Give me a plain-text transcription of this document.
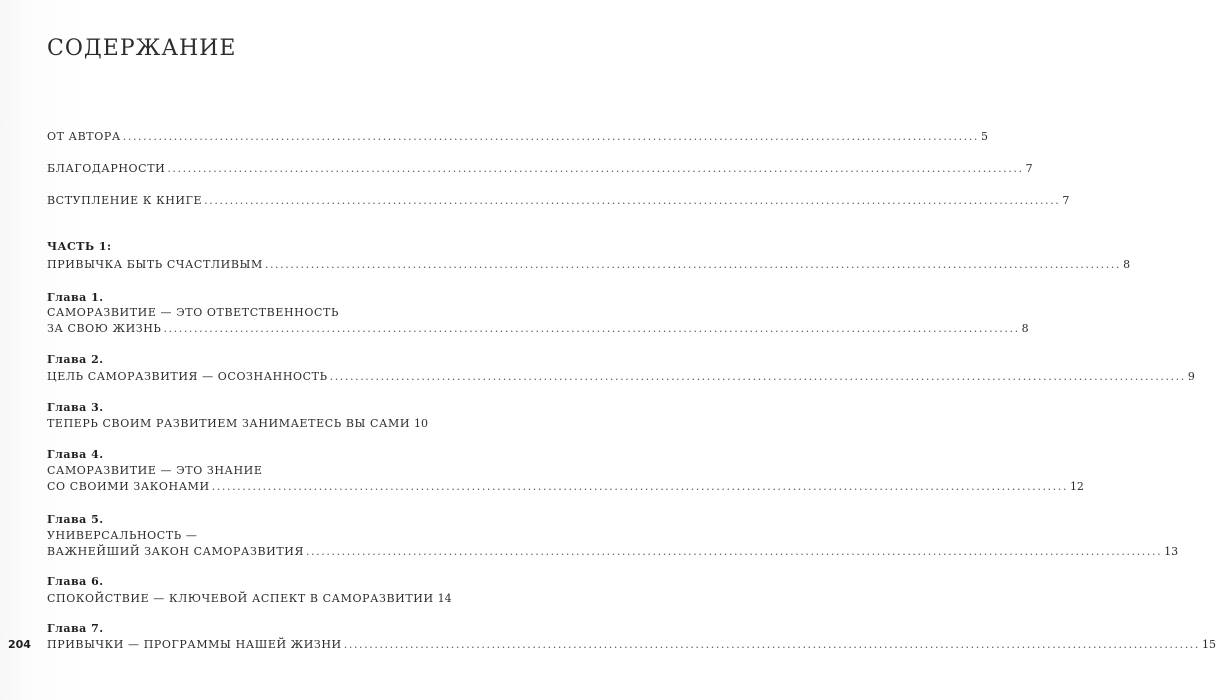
СОДЕРЖАНИЕ
ОТ АВТОРА .....	5
БЛАГОДАРНОСТИ .....	7
ВСТУПЛЕНИЕ К КНИГЕ .....	7
ЧАСТЬ 1:
ПРИВЫЧКА БЫТЬ СЧАСТЛИВЫМ .....	8
Глава 1.
САМОРАЗВИТИЕ — ЭТО ОТВЕТСТВЕННОСТЬ
ЗА СВОЮ ЖИЗНЬ .....	8
Глава 2.
ЦЕЛЬ САМОРАЗВИТИЯ — ОСОЗНАННОСТЬ .....	9
Глава 3.
ТЕПЕРЬ СВОИМ РАЗВИТИЕМ ЗАНИМАЕТЕСЬ ВЫ САМИ 10
Глава 4.
САМОРАЗВИТИЕ — ЭТО ЗНАНИЕ
СО СВОИМИ ЗАКОНАМИ .....	12
Глава 5.
УНИВЕРСАЛЬНОСТЬ —
ВАЖНЕЙШИЙ ЗАКОН САМОРАЗВИТИЯ .....	13
Глава 6.
СПОКОЙСТВИЕ — КЛЮЧЕВОЙ АСПЕКТ В САМОРАЗВИТИИ 14
Глава 7.
ПРИВЫЧКИ — ПРОГРАММЫ НАШЕЙ ЖИЗНИ .....	15
204
